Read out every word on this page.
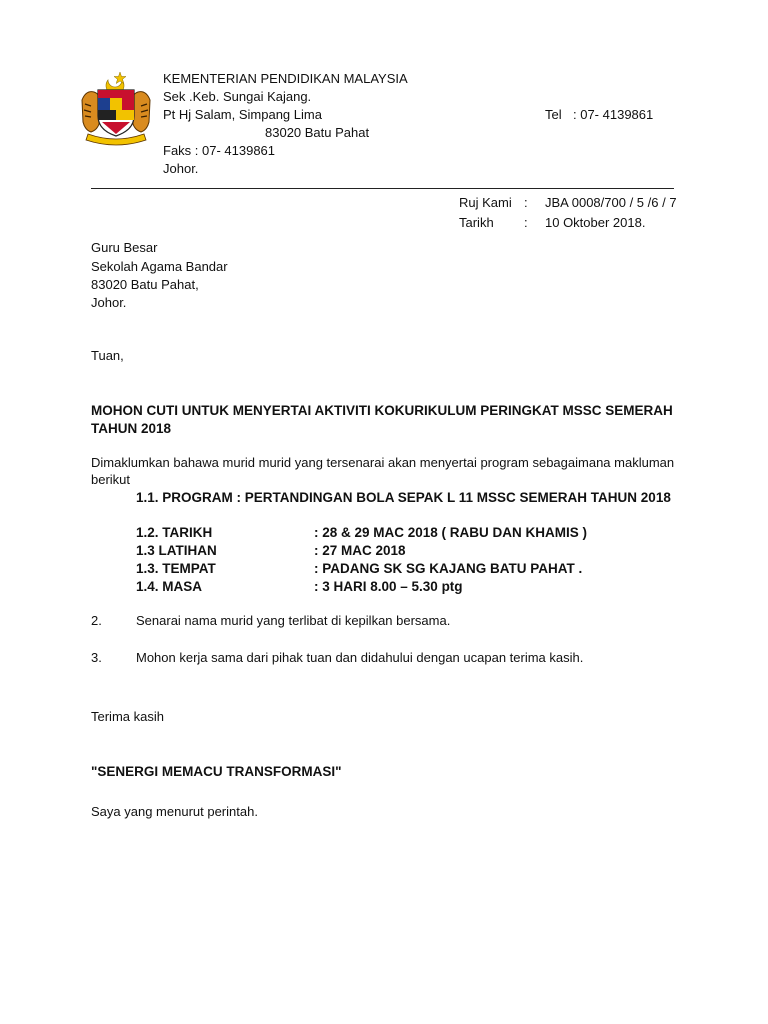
KEMENTERIAN PENDIDIKAN MALAYSIA
Sek .Keb. Sungai Kajang.
Pt Hj Salam, Simpang Lima
83020 Batu Pahat
Faks : 07- 4139861
Johor.
Tel : 07- 4139861
Ruj Kami : JBA 0008/700 / 5 /6 / 7
Tarikh : 10 Oktober 2018.
Guru Besar
Sekolah Agama Bandar
83020 Batu Pahat,
Johor.
Tuan,
MOHON CUTI UNTUK MENYERTAI AKTIVITI KOKURIKULUM PERINGKAT MSSC SEMERAH
TAHUN 2018
Dimaklumkan bahawa murid murid yang tersenarai akan menyertai program sebagaimana makluman
berikut
1.1. PROGRAM : PERTANDINGAN BOLA SEPAK L 11 MSSC SEMERAH TAHUN 2018
1.2. TARIKH	: 28 & 29 MAC 2018 ( RABU DAN KHAMIS )
1.3 LATIHAN	: 27 MAC 2018
1.3. TEMPAT	: PADANG SK SG KAJANG BATU PAHAT .
1.4. MASA	: 3 HARI 8.00 – 5.30 ptg
2.	Senarai nama murid yang terlibat di kepilkan bersama.
3.	Mohon kerja sama dari pihak tuan dan didahului dengan ucapan terima kasih.
Terima kasih
"SENERGI MEMACU TRANSFORMASI"
Saya yang menurut perintah.
